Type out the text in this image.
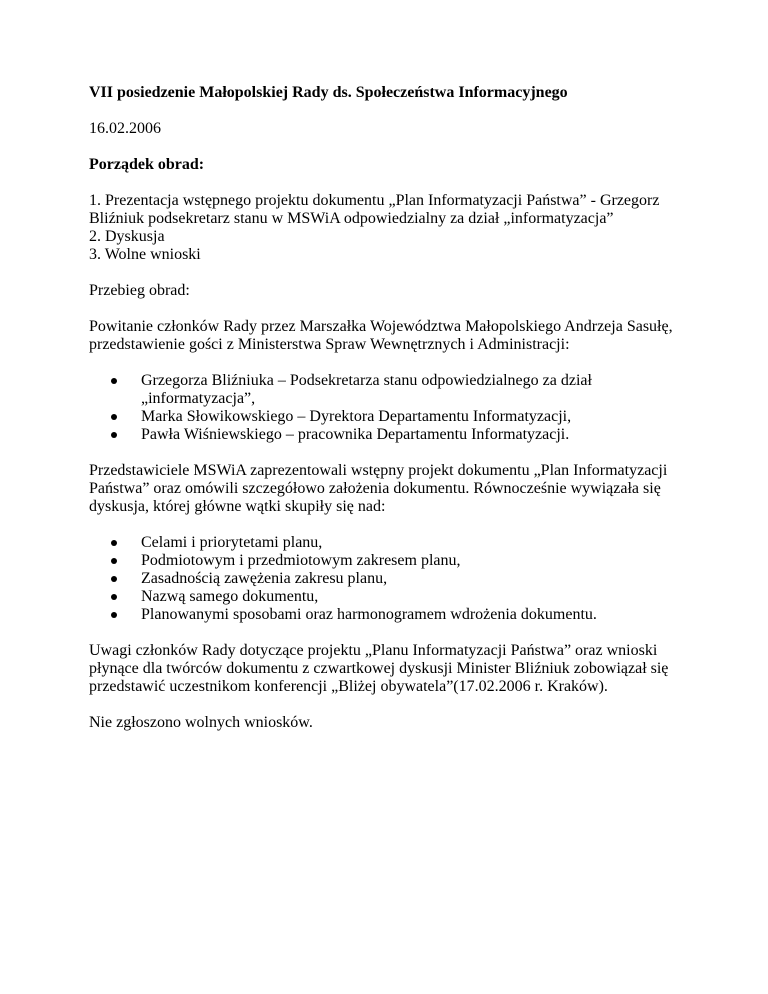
VII posiedzenie Małopolskiej Rady ds. Społeczeństwa Informacyjnego

16.02.2006

Porządek obrad:

1. Prezentacja wstępnego projektu dokumentu „Plan Informatyzacji Państwa” - Grzegorz Bliźniuk podsekretarz stanu w MSWiA odpowiedzialny za dział „informatyzacja”
2. Dyskusja
3. Wolne wnioski

Przebieg obrad:

Powitanie członków Rady przez Marszałka Województwa Małopolskiego Andrzeja Sasułę, przedstawienie gości z Ministerstwa Spraw Wewnętrznych i Administracji:

Grzegorza Bliźniuka – Podsekretarza stanu odpowiedzialnego za dział „informatyzacja”,
Marka Słowikowskiego – Dyrektora Departamentu Informatyzacji,
Pawła Wiśniewskiego – pracownika Departamentu Informatyzacji.

Przedstawiciele MSWiA zaprezentowali wstępny projekt dokumentu „Plan Informatyzacji Państwa” oraz omówili szczegółowo założenia dokumentu. Równocześnie wywiązała się dyskusja, której główne wątki skupiły się nad:

Celami i priorytetami planu,
Podmiotowym i przedmiotowym zakresem planu,
Zasadnością zawężenia zakresu planu,
Nazwą samego dokumentu,
Planowanymi sposobami oraz harmonogramem wdrożenia dokumentu.

Uwagi członków Rady dotyczące projektu „Planu Informatyzacji Państwa” oraz wnioski płynące dla twórców dokumentu z czwartkowej dyskusji Minister Bliźniuk zobowiązał się przedstawić uczestnikom konferencji „Bliżej obywatela”(17.02.2006 r. Kraków).

Nie zgłoszono wolnych wniosków.
